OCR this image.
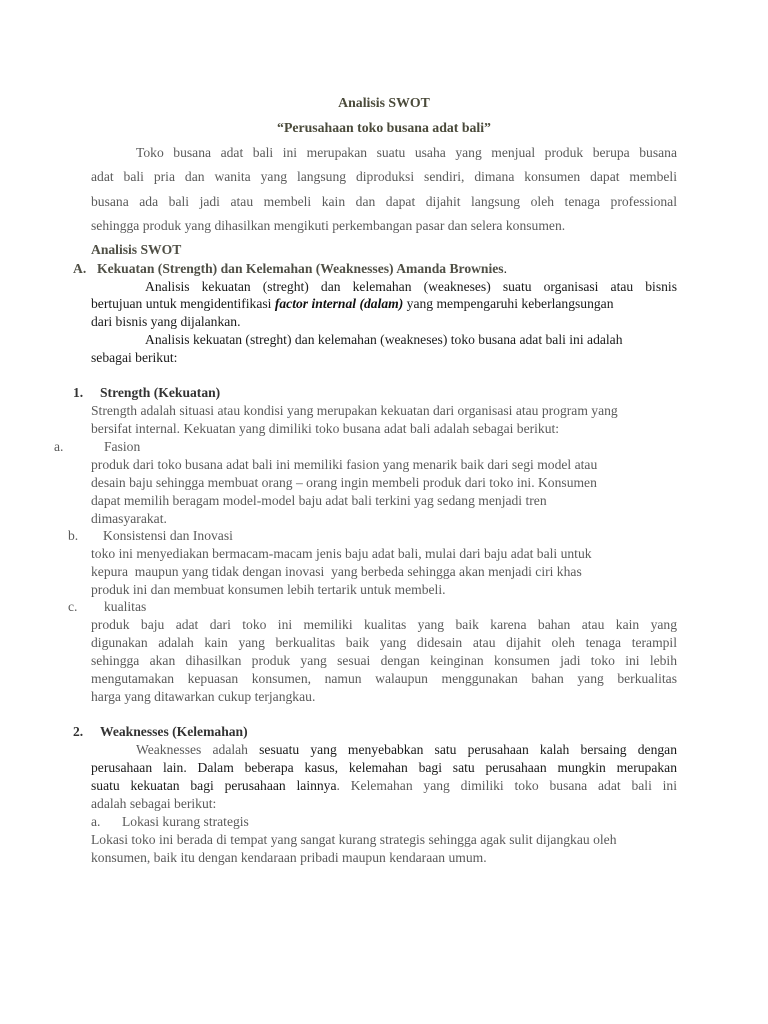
Analisis SWOT
“Perusahaan toko busana adat bali”
Toko busana adat bali ini merupakan suatu usaha yang menjual produk berupa busana
adat bali pria dan wanita yang langsung diproduksi sendiri, dimana konsumen dapat membeli
busana ada bali jadi atau membeli kain dan dapat dijahit langsung oleh tenaga professional
sehingga produk yang dihasilkan mengikuti perkembangan pasar dan selera konsumen.
Analisis SWOT
A. Kekuatan (Strength) dan Kelemahan (Weaknesses) Amanda Brownies.
Analisis kekuatan (streght) dan kelemahan (weakneses) suatu organisasi atau bisnis
bertujuan untuk mengidentifikasi factor internal (dalam) yang mempengaruhi keberlangsungan
dari bisnis yang dijalankan.
Analisis kekuatan (streght) dan kelemahan (weakneses) toko busana adat bali ini adalah
sebagai berikut:
1. Strength (Kekuatan)
Strength adalah situasi atau kondisi yang merupakan kekuatan dari organisasi atau program yang
bersifat internal. Kekuatan yang dimiliki toko busana adat bali adalah sebagai berikut:
a.	Fasion
produk dari toko busana adat bali ini memiliki fasion yang menarik baik dari segi model atau
desain baju sehingga membuat orang – orang ingin membeli produk dari toko ini. Konsumen
dapat memilih beragam model-model baju adat bali terkini yag sedang menjadi tren
dimasyarakat.
b. Konsistensi dan Inovasi
toko ini menyediakan bermacam-macam jenis baju adat bali, mulai dari baju adat bali untuk
kepura  maupun yang tidak dengan inovasi  yang berbeda sehingga akan menjadi ciri khas
produk ini dan membuat konsumen lebih tertarik untuk membeli.
c. kualitas
produk baju adat dari toko ini memiliki kualitas yang baik karena bahan atau kain yang
digunakan adalah kain yang berkualitas baik yang didesain atau dijahit oleh tenaga terampil
sehingga akan dihasilkan produk yang sesuai dengan keinginan konsumen jadi toko ini lebih
mengutamakan kepuasan konsumen, namun walaupun menggunakan bahan yang berkualitas
harga yang ditawarkan cukup terjangkau.
2. Weaknesses (Kelemahan)
Weaknesses adalah sesuatu yang menyebabkan satu perusahaan kalah bersaing dengan
perusahaan lain. Dalam beberapa kasus, kelemahan bagi satu perusahaan mungkin merupakan
suatu kekuatan bagi perusahaan lainnya. Kelemahan yang dimiliki toko busana adat bali ini
adalah sebagai berikut:
a. Lokasi kurang strategis
Lokasi toko ini berada di tempat yang sangat kurang strategis sehingga agak sulit dijangkau oleh
konsumen, baik itu dengan kendaraan pribadi maupun kendaraan umum.
